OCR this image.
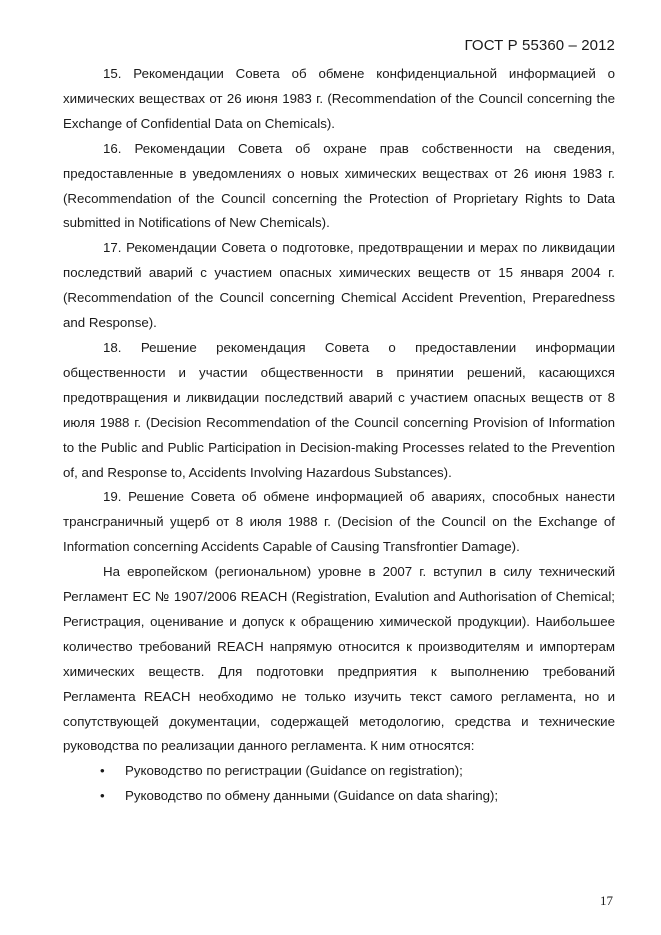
ГОСТ Р 55360 – 2012

15. Рекомендации Совета об обмене конфиденциальной информацией о химических веществах от 26 июня 1983 г. (Recommendation of the Council concerning the Exchange of Confidential Data on Chemicals).

16. Рекомендации Совета об охране прав собственности на сведения, предоставленные в уведомлениях о новых химических веществах от 26 июня 1983 г. (Recommendation of the Council concerning the Protection of Proprietary Rights to Data submitted in Notifications of New Chemicals).

17. Рекомендации Совета о подготовке, предотвращении и мерах по ликвидации последствий аварий с участием опасных химических веществ от 15 января 2004 г. (Recommendation of the Council concerning Chemical Accident Prevention, Preparedness and Response).

18. Решение рекомендация Совета о предоставлении информации общественности и участии общественности в принятии решений, касающихся предотвращения и ликвидации последствий аварий с участием опасных веществ от 8 июля 1988 г. (Decision Recommendation of the Council concerning Provision of Information to the Public and Public Participation in Decision-making Processes related to the Prevention of, and Response to, Accidents Involving Hazardous Substances).

19. Решение Совета об обмене информацией об авариях, способных нанести трансграничный ущерб от 8 июля 1988 г. (Decision of the Council on the Exchange of Information concerning Accidents Capable of Causing Transfrontier Damage).

На европейском (региональном) уровне в 2007 г. вступил в силу технический Регламент ЕС № 1907/2006 REACH (Registration, Evalution and Authorisation of Chemical; Регистрация, оценивание и допуск к обращению химической продукции). Наибольшее количество требований REACH напрямую относится к производителям и импортерам химических веществ. Для подготовки предприятия к выполнению требований Регламента REACH необходимо не только изучить текст самого регламента, но и сопутствующей документации, содержащей методологию, средства и технические руководства по реализации данного регламента. К ним относятся:

• Руководство по регистрации (Guidance on registration);
• Руководство по обмену данными (Guidance on data sharing);
17
